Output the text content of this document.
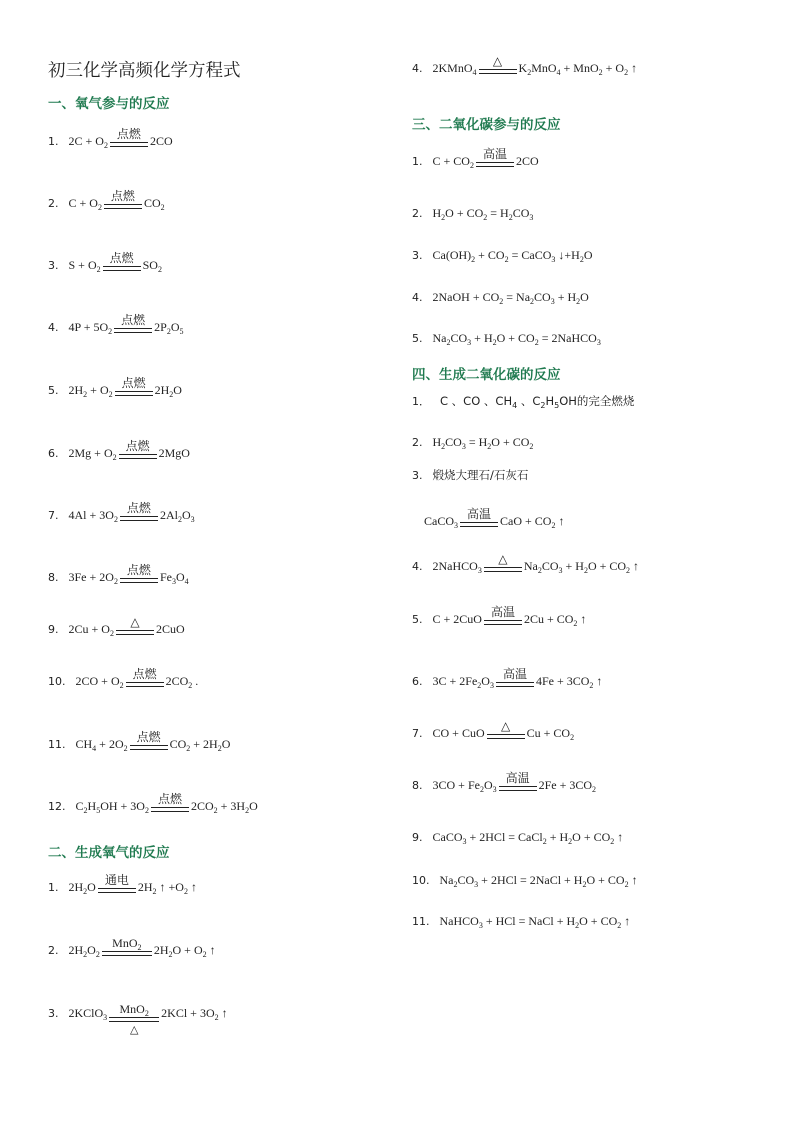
初三化学高频化学方程式
一、氧气参与的反应
1. $2C + O_2$
点燃 2CO
2. $C + O_2$
点燃 $CO_2$
3. $S + O_2$
点燃 $SO_2$
4. $4P + 5O_2$
点燃 $2P_2O_5$
5. $2H_2 + O_2$
点燃 $2H_2O$
6. $2Mg + O_2$
点燃 2MgO
7. $4Al + 3O_2$
点燃 $2Al_2O_3$
8. $3Fe + 2O_2$
点燃 $Fe_3O_4$
9. $2Cu + O_2$
△	2CuO
10. $2CO + O_2$
点燃 $2CO_2$ .
11. $CH_4 + 2O_2$
点燃 $CO_2 + 2H_2O$
12. $C_2H_5OH + 3O_2$
点燃 $2CO_2 + 3H_2O$
二、生成氧气的反应
1. $2H_2O$ 通电 $2H_2$ ↑ $+O_2$ ↑
2. $2H_2O_2$
MnO$_2$	$2H_2O + O_2$ ↑
3. 2KClO$_3$
MnO$_2$
△
$2KCl + 3O_2$ ↑
4. 2KMnO$_4$
△	$K_2MnO_4 + MnO_2 + O_2$ ↑
三、二氧化碳参与的反应
1. $C + CO_2$
高温 2CO
2. $H_2O + CO_2 = H_2CO_3$
3. $Ca(OH)_2 + CO_2$ = CaCO$_3$ $↓+H_2O$
4. 2NaOH + $CO_2 = Na_2CO_3 + H_2O$
5. $Na_2CO_3 + H_2O + CO_2$ = 2NaHCO$_3$
四、生成二氧化碳的反应
1． C 、CO 、$CH_4$ 、$C_2H_5OH$的完全燃烧
2. $H_2CO_3 = H_2O + CO_2$
3. 煅烧大理石/石灰石
CaCO$_3$
高温 CaO + $CO_2$ ↑
4. 2NaHCO$_3$
△	$Na_2CO_3 + H_2O + CO_2$ ↑
5. C + 2CuO 高温 $2Cu + CO_2$ ↑
6. $3C + 2Fe_2O_3$
高温 $4Fe + 3CO_2$ ↑
7. CO + CuO	△	$Cu + CO_2$
8. $3CO + Fe_2O_3$
高温 $2Fe + 3CO_2$
9. CaCO$_3$ + 2HCl = CaCl$_2$ + $H_2O + CO_2$ ↑
10. $Na_2CO_3 + 2HCl$ = 2NaCl + $H_2O + CO_2$ ↑
11. NaHCO$_3$ + HCl = NaCl + $H_2O + CO_2$ ↑
